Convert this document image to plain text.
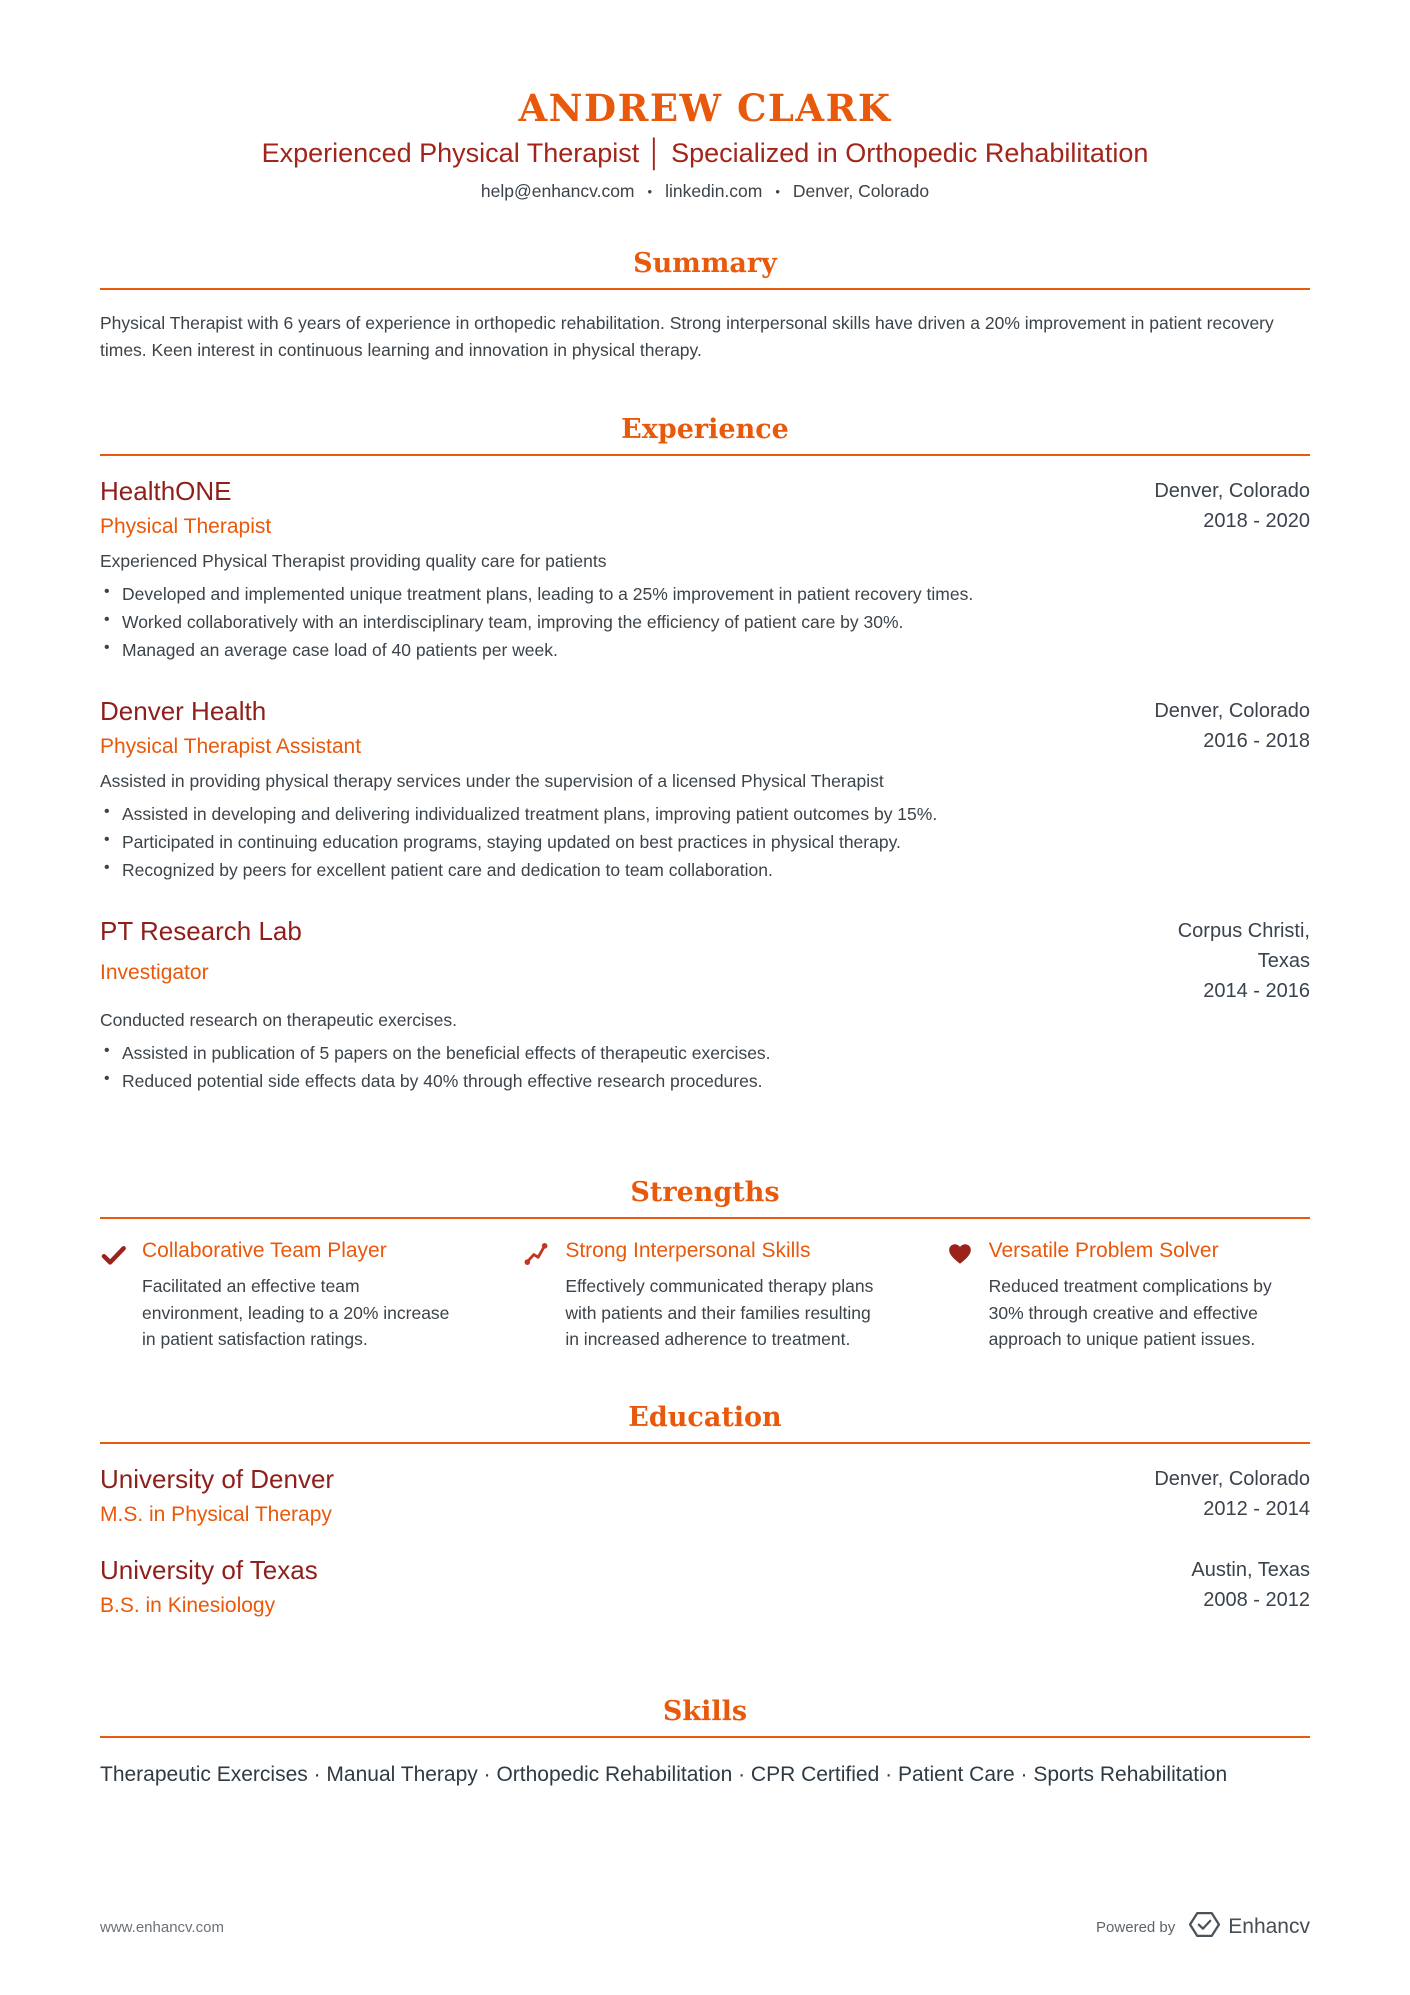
ANDREW CLARK
Experienced Physical Therapist │ Specialized in Orthopedic Rehabilitation
help@enhancv.com • linkedin.com • Denver, Colorado
Summary

Physical Therapist with 6 years of experience in orthopedic rehabilitation. Strong interpersonal skills have driven a 20% improvement in patient recovery times. Keen interest in continuous learning and innovation in physical therapy.

Experience
HealthONE
Physical Therapist
Denver, Colorado
2018 - 2020

Experienced Physical Therapist providing quality care for patients

• Developed and implemented unique treatment plans, leading to a 25% improvement in patient recovery times.
• Worked collaboratively with an interdisciplinary team, improving the efficiency of patient care by 30%.
• Managed an average case load of 40 patients per week.
Denver Health
Physical Therapist Assistant
Denver, Colorado
2016 - 2018

Assisted in providing physical therapy services under the supervision of a licensed Physical Therapist

• Assisted in developing and delivering individualized treatment plans, improving patient outcomes by 15%.
• Participated in continuing education programs, staying updated on best practices in physical therapy.
• Recognized by peers for excellent patient care and dedication to team collaboration.
PT Research Lab
Investigator
Corpus Christi, Texas
2014 - 2016

Conducted research on therapeutic exercises.

• Assisted in publication of 5 papers on the beneficial effects of therapeutic exercises.
• Reduced potential side effects data by 40% through effective research procedures.
Strengths
Collaborative Team Player
Facilitated an effective team environment, leading to a 20% increase in patient satisfaction ratings.
Strong Interpersonal Skills
Effectively communicated therapy plans with patients and their families resulting in increased adherence to treatment.
Versatile Problem Solver
Reduced treatment complications by 30% through creative and effective approach to unique patient issues.
Education
University of Denver
M.S. in Physical Therapy
Denver, Colorado
2012 - 2014
University of Texas
B.S. in Kinesiology
Austin, Texas
2008 - 2012
Skills

Therapeutic Exercises · Manual Therapy · Orthopedic Rehabilitation · CPR Certified · Patient Care · Sports Rehabilitation

www.enhancv.com	Powered by	Enhancv
